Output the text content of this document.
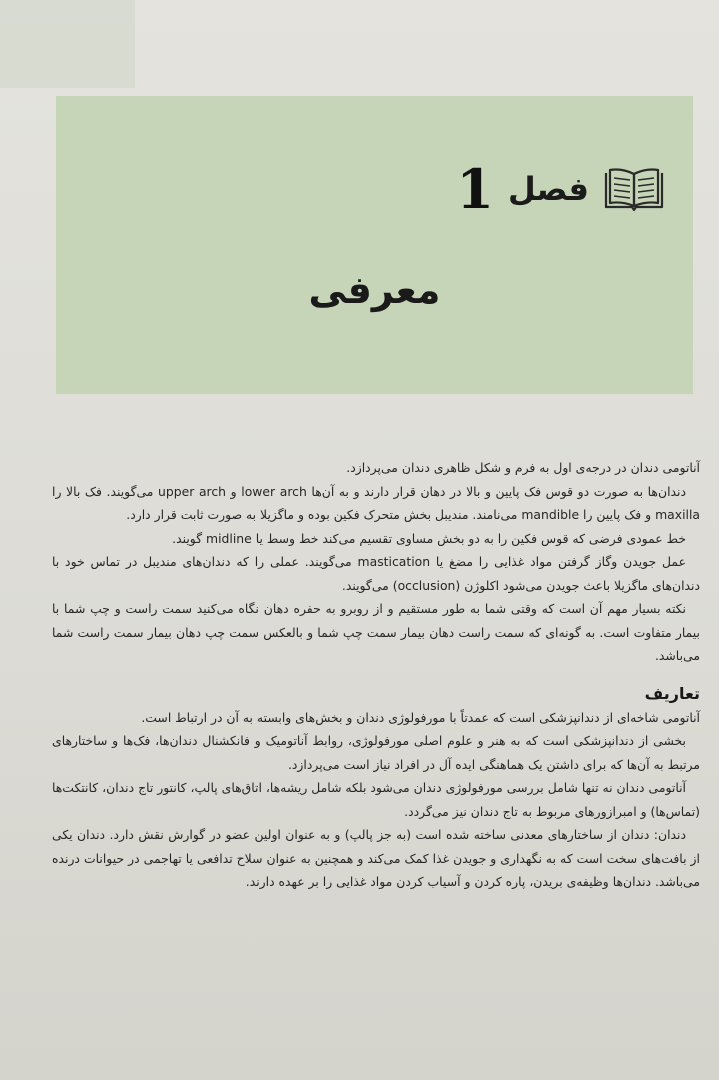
فصل
1
معرفی

آناتومی دندان در درجه‌ی اول به فرم و شکل ظاهری دندان می‌پردازد.

دندان‌ها به صورت دو قوس فک پایین و بالا در دهان قرار دارند و به آن‌ها lower arch و upper arch می‌گویند. فک بالا را maxilla و فک پایین را mandible می‌نامند. مندیبل بخش متحرک فکین بوده و ماگزیلا به صورت ثابت قرار دارد.

خط عمودی فرضی که قوس فکین را به دو بخش مساوی تقسیم می‌کند خط وسط یا midline گویند.

عمل جویدن وگاز گرفتن مواد غذایی را مضغ یا mastication می‌گویند. عملی را که دندان‌های مندیبل در تماس خود با دندان‌های ماگزیلا باعث جویدن می‌شود اکلوژن (occlusion) می‌گویند.

نکته بسیار مهم آن است که وقتی شما به طور مستقیم و از روبرو به حفره دهان نگاه می‌کنید سمت راست و چپ شما با بیمار متفاوت است. به گونه‌ای که سمت راست دهان بیمار سمت چپ شما و بالعکس سمت چپ دهان بیمار سمت راست شما می‌باشد.

تعاریف

آناتومی شاخه‌ای از دندانپزشکی است که عمدتاً با مورفولوژی دندان و بخش‌های وابسته به آن در ارتباط است.

بخشی از دندانپزشکی است که به هنر و علوم اصلی مورفولوژی، روابط آناتومیک و فانکشنال دندان‌ها، فک‌ها و ساختارهای مرتبط به آن‌ها که برای داشتن یک هماهنگی ایده آل در افراد نیاز است می‌پردازد.

آناتومی دندان نه تنها شامل بررسی مورفولوژی دندان می‌شود بلکه شامل ریشه‌ها، اتاق‌های پالپ، کانتور تاج دندان، کانتکت‌ها (تماس‌ها) و امبرازورهای مربوط به تاج دندان نیز می‌گردد.

دندان: دندان از ساختارهای معدنی ساخته شده است (به جز پالپ) و به عنوان اولین عضو در گوارش نقش دارد. دندان یکی از بافت‌های سخت است که به نگهداری و جویدن غذا کمک می‌کند و همچنین به عنوان سلاح تدافعی یا تهاجمی در حیوانات درنده می‌باشد. دندان‌ها وظیفه‌ی بریدن، پاره کردن و آسیاب کردن مواد غذایی را بر عهده دارند.
